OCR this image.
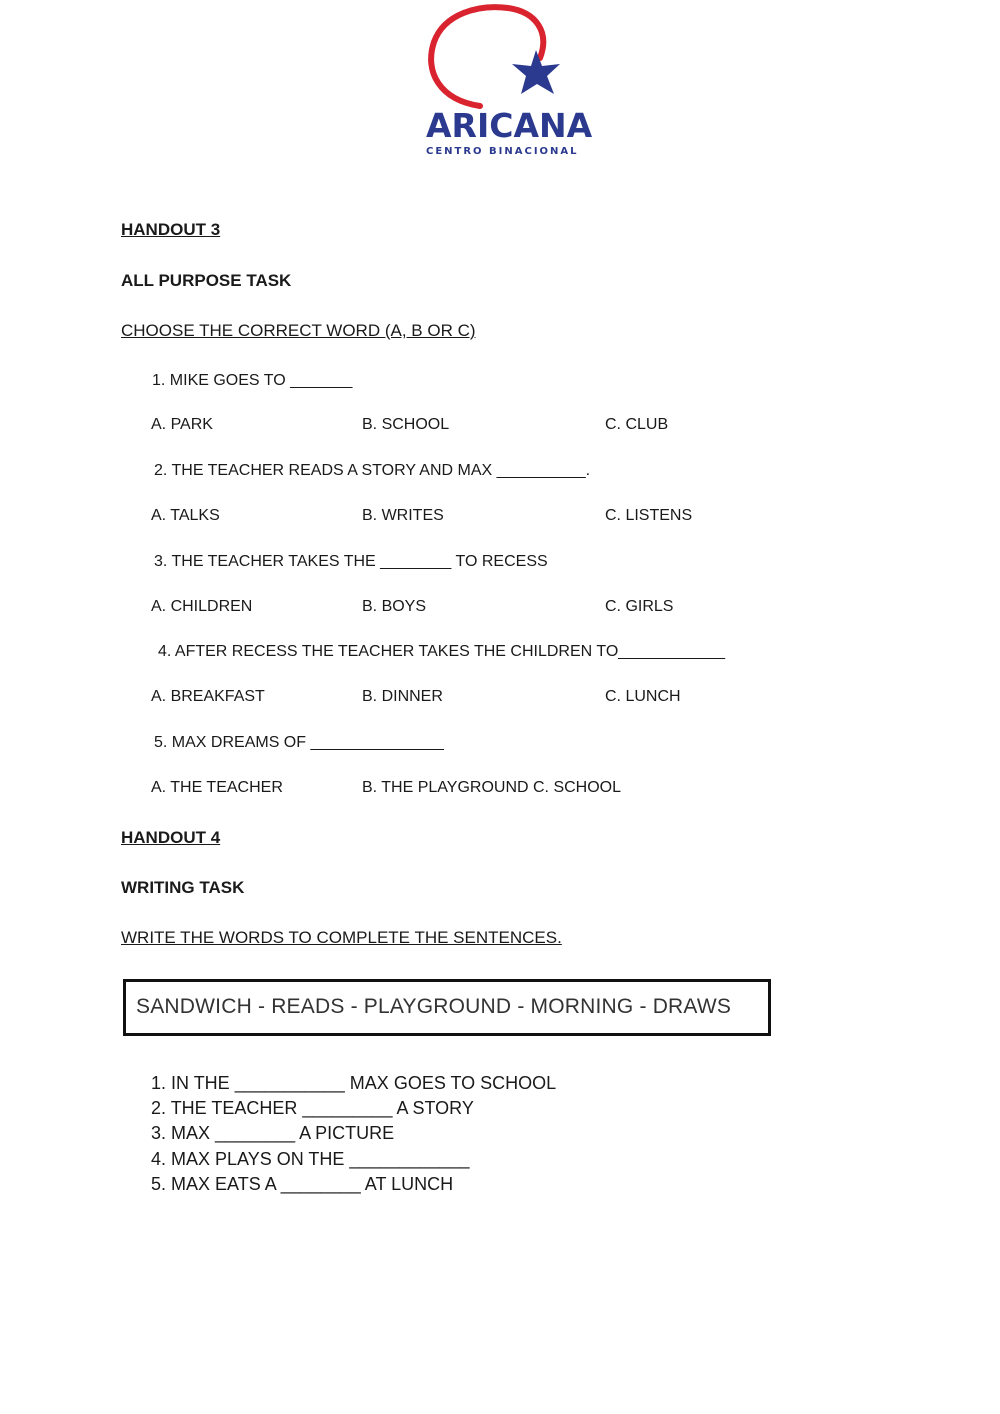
ARICANA
CENTRO BINACIONAL
HANDOUT 3
ALL PURPOSE TASK
CHOOSE THE CORRECT WORD (A, B OR C)
1. MIKE GOES TO _______
A. PARK	B. SCHOOL	C. CLUB
2. THE TEACHER READS A STORY AND MAX __________.
A. TALKS	B. WRITES	C. LISTENS
3. THE TEACHER TAKES THE ________ TO RECESS
A. CHILDREN	B. BOYS	C. GIRLS
4. AFTER RECESS THE TEACHER TAKES THE CHILDREN TO____________
A. BREAKFAST	B. DINNER	C. LUNCH
5. MAX DREAMS OF _______________
A. THE TEACHER	B. THE PLAYGROUND C. SCHOOL
HANDOUT 4
WRITING TASK
WRITE THE WORDS TO COMPLETE THE SENTENCES.
SANDWICH - READS - PLAYGROUND - MORNING - DRAWS
1. IN THE ___________ MAX GOES TO SCHOOL
2. THE TEACHER _________ A STORY
3. MAX ________ A PICTURE
4. MAX PLAYS ON THE ____________
5. MAX EATS A ________ AT LUNCH
